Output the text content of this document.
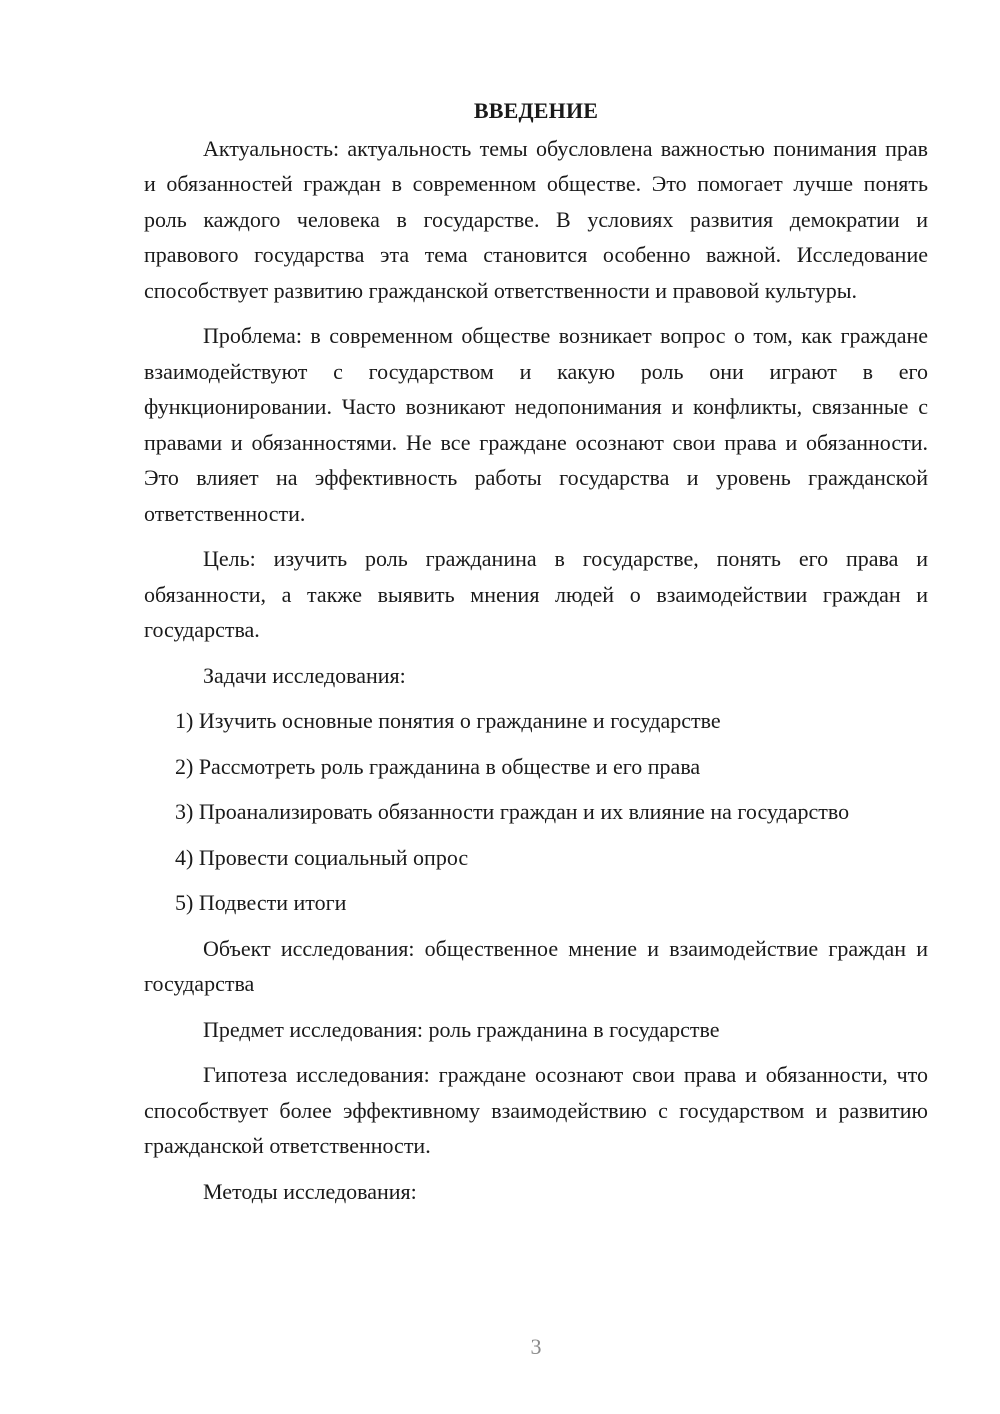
ВВЕДЕНИЕ
Актуальность: актуальность темы обусловлена важностью понимания прав и обязанностей граждан в современном обществе. Это помогает лучше понять роль каждого человека в государстве. В условиях развития демократии и правового государства эта тема становится особенно важной. Исследование способствует развитию гражданской ответственности и правовой культуры.
Проблема: в современном обществе возникает вопрос о том, как граждане взаимодействуют с государством и какую роль они играют в его функционировании. Часто возникают недопонимания и конфликты, связанные с правами и обязанностями. Не все граждане осознают свои права и обязанности. Это влияет на эффективность работы государства и уровень гражданской ответственности.
Цель: изучить роль гражданина в государстве, понять его права и обязанности, а также выявить мнения людей о взаимодействии граждан и государства.
Задачи исследования:
1) Изучить основные понятия о гражданине и государстве
2) Рассмотреть роль гражданина в обществе и его права
3) Проанализировать обязанности граждан и их влияние на государство
4) Провести социальный опрос
5) Подвести итоги
Объект исследования: общественное мнение и взаимодействие граждан и государства
Предмет исследования: роль гражданина в государстве
Гипотеза исследования: граждане осознают свои права и обязанности, что способствует более эффективному взаимодействию с государством и развитию гражданской ответственности.
Методы исследования:
3
